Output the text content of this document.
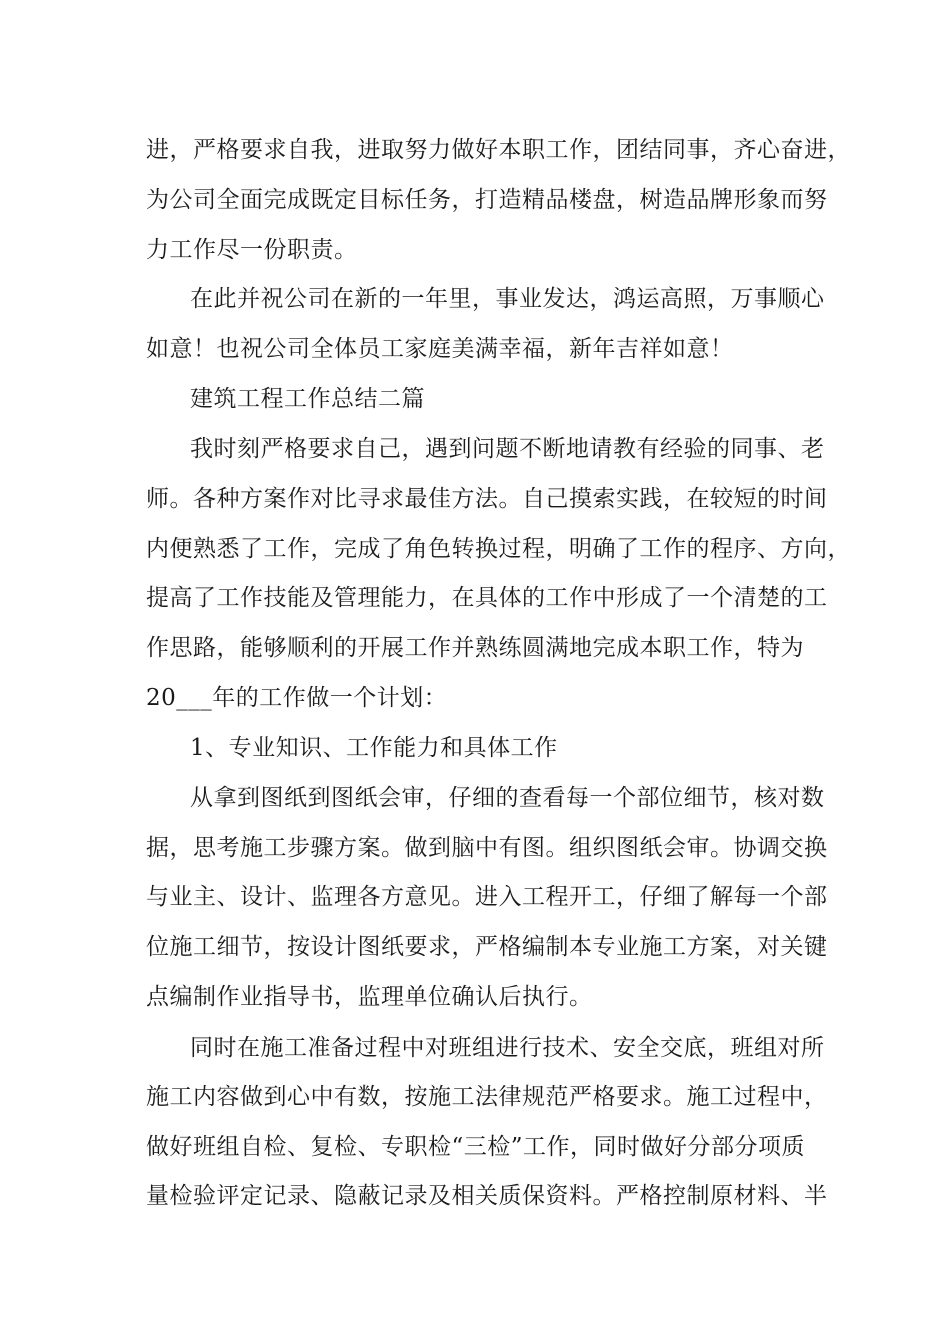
进，严格要求自我，进取努力做好本职工作，团结同事，齐心奋进，
为公司全面完成既定目标任务，打造精品楼盘，树造品牌形象而努
力工作尽一份职责。
在此并祝公司在新的一年里，事业发达，鸿运高照，万事顺心
如意！也祝公司全体员工家庭美满幸福，新年吉祥如意！
建筑工程工作总结二篇
我时刻严格要求自己，遇到问题不断地请教有经验的同事、老
师。各种方案作对比寻求最佳方法。自己摸索实践，在较短的时间
内便熟悉了工作，完成了角色转换过程，明确了工作的程序、方向，
提高了工作技能及管理能力，在具体的工作中形成了一个清楚的工
作思路，能够顺利的开展工作并熟练圆满地完成本职工作，特为
20___年的工作做一个计划：
1、专业知识、工作能力和具体工作
从拿到图纸到图纸会审，仔细的查看每一个部位细节，核对数
据，思考施工步骤方案。做到脑中有图。组织图纸会审。协调交换
与业主、设计、监理各方意见。进入工程开工，仔细了解每一个部
位施工细节，按设计图纸要求，严格编制本专业施工方案，对关键
点编制作业指导书，监理单位确认后执行。
同时在施工准备过程中对班组进行技术、安全交底，班组对所
施工内容做到心中有数，按施工法律规范严格要求。施工过程中，
做好班组自检、复检、专职检“三检”工作，同时做好分部分项质
量检验评定记录、隐蔽记录及相关质保资料。严格控制原材料、半
